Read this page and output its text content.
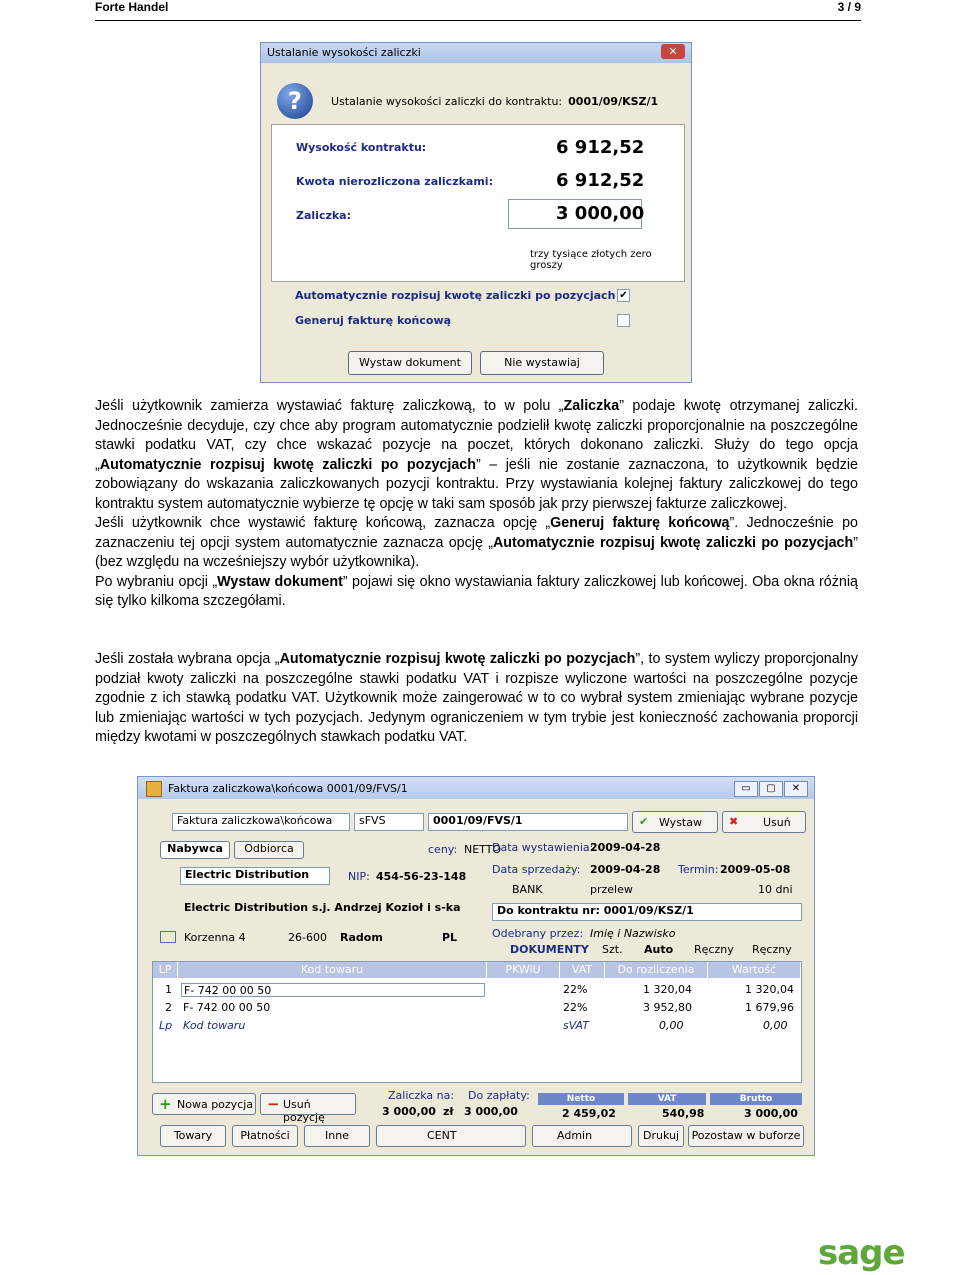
Forte Handel	3 / 9
Ustalanie wysokości zaliczki	✕
?	Ustalanie wysokości zaliczki do kontraktu: 0001/09/KSZ/1
Wysokość kontraktu:	6 912,52
Kwota nierozliczona zaliczkami:	6 912,52
Zaliczka:	3 000,00
trzy tysiące złotych zero groszy
Automatycznie rozpisuj kwotę zaliczki po pozycjach ✔
Generuj fakturę końcową
Wystaw dokument	Nie wystawiaj

Jeśli użytkownik zamierza wystawiać fakturę zaliczkową, to w polu „Zaliczka” podaje kwotę otrzymanej zaliczki. Jednocześnie decyduje, czy chce aby program automatycznie podzielił kwotę zaliczki proporcjonalnie na poszczególne stawki podatku VAT, czy chce wskazać pozycje na poczet, których dokonano zaliczki. Służy do tego opcja „Automatycznie rozpisuj kwotę zaliczki po pozycjach” – jeśli nie zostanie zaznaczona, to użytkownik będzie zobowiązany do wskazania zaliczkowanych pozycji kontraktu. Przy wystawiania kolejnej faktury zaliczkowej do tego kontraktu system automatycznie wybierze tę opcję w taki sam sposób jak przy pierwszej fakturze zaliczkowej.

Jeśli użytkownik chce wystawić fakturę końcową, zaznacza opcję „Generuj fakturę końcową”. Jednocześnie po zaznaczeniu tej opcji system automatycznie zaznacza opcję „Automatycznie rozpisuj kwotę zaliczki po pozycjach” (bez względu na wcześniejszy wybór użytkownika).

Po wybraniu opcji „Wystaw dokument” pojawi się okno wystawiania faktury zaliczkowej lub końcowej. Oba okna różnią się tylko kilkoma szczegółami.

Jeśli została wybrana opcja „Automatycznie rozpisuj kwotę zaliczki po pozycjach”, to system wyliczy proporcjonalny podział kwoty zaliczki na poszczególne stawki podatku VAT i rozpisze wyliczone wartości na poszczególne pozycje zgodnie z ich stawką podatku VAT. Użytkownik może zaingerować w to co wybrał system zmieniając wybrane pozycje lub zmieniając wartości w tych pozycjach. Jedynym ograniczeniem w tym trybie jest konieczność zachowania proporcji między kwotami w poszczególnych stawkach podatku VAT.

Faktura zaliczkowa\końcowa 0001/09/FVS/1	▭	▢	✕
Faktura zaliczkowa\końcowa	sFVS	0001/09/FVS/1	✔ Wystaw ✖ Usuń
Nabywca	Odbiorca	ceny: NETTO
Electric Distribution	NIP: 454-56-23-148
Electric Distribution s.j. Andrzej Kozioł i s-ka
Korzenna 4	26-600 Radom	PL
Data wystawienia:
2009-04-28
Data sprzedaży: 2009-04-28 Termin: 2009-05-08
BANK	przelew	10 dni
Do kontraktu nr: 0001/09/KSZ/1
Odebrany przez: Imię i Nazwisko
DOKUMENTY Szt. Auto Ręczny Ręczny
LP	Kod towaru	PKWiU	VAT	Do rozliczenia	Wartość
1 F- 742 00 00 50	22%	1 320,04	1 320,04
2 F- 742 00 00 50	22%	3 952,80	1 679,96
Lp Kod towaru	sVAT	0,00	0,00
+ Nowa pozycja − Usuń pozycję
Zaliczka na:
3 000,00 zł
Do zapłaty:
3 000,00
Netto	VAT	Brutto
2 459,02	540,98	3 000,00
Towary	Płatności	Inne	CENT	Admin	Drukuj	Pozostaw w buforze
sage
